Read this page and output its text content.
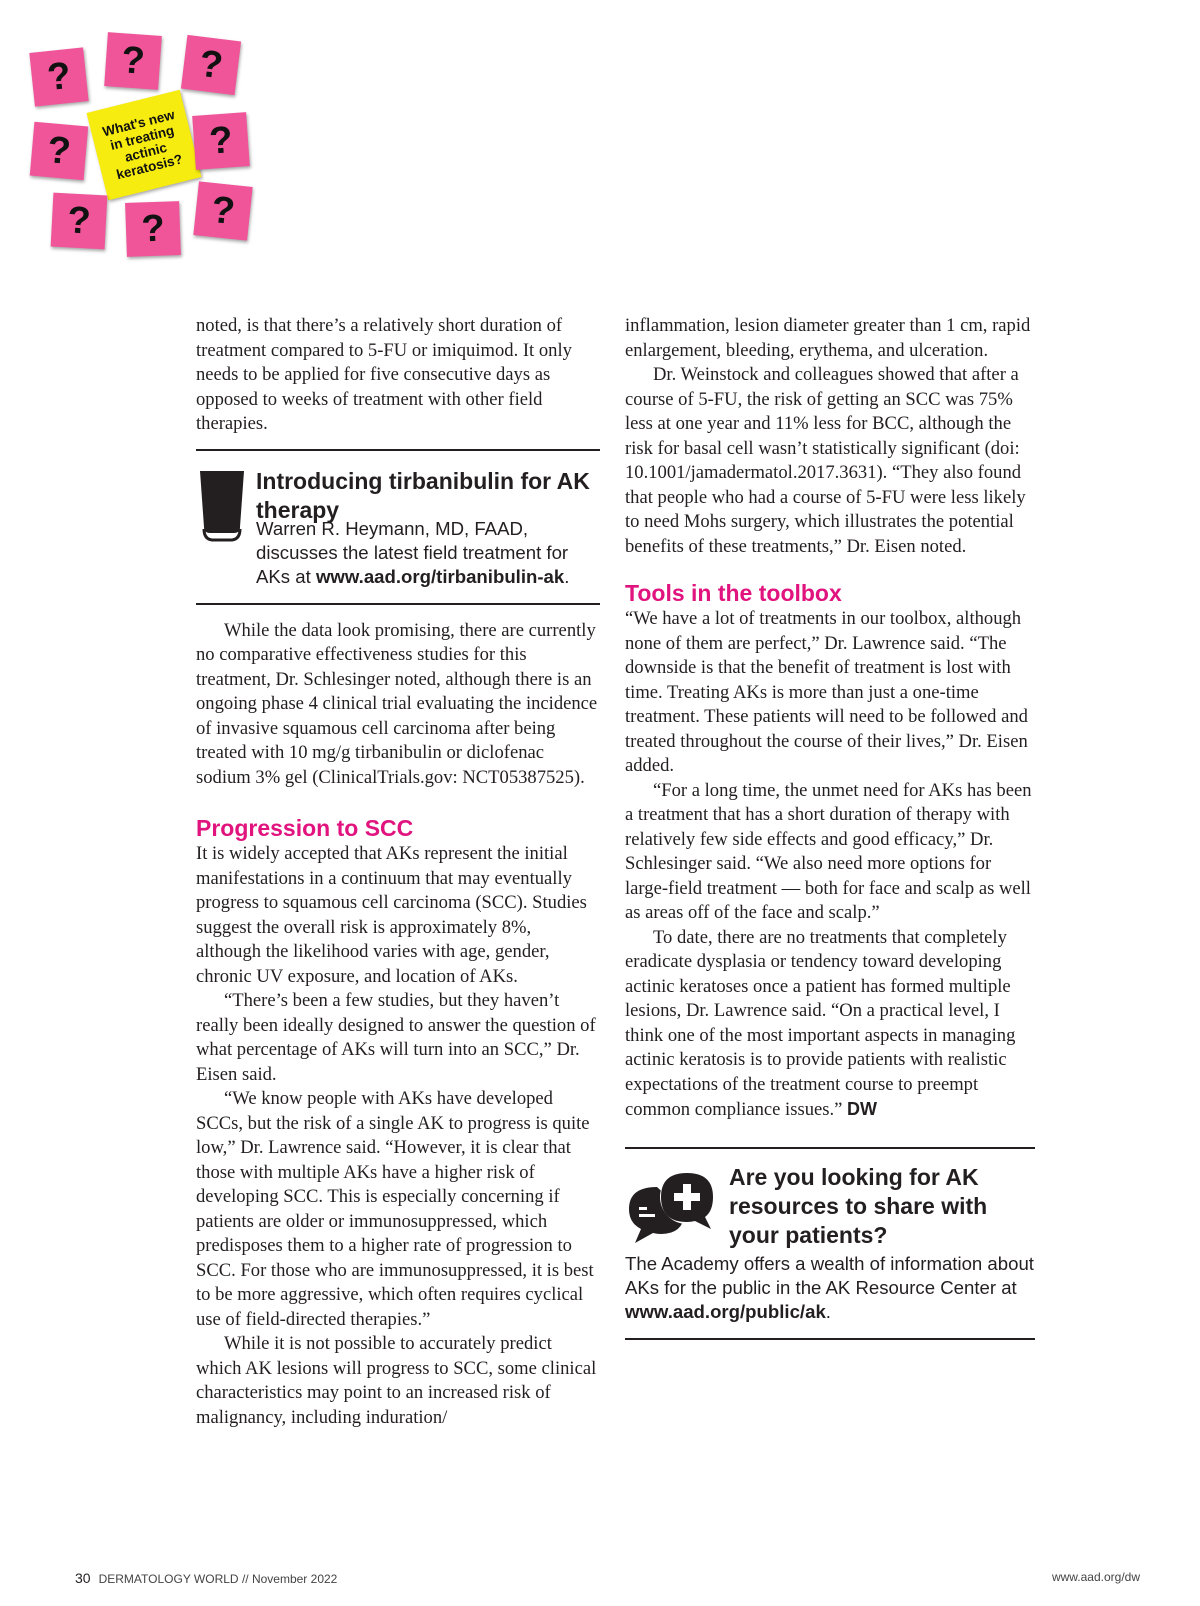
?	?	?
?
What's new in treating actinic keratosis?
?
?	?	?

noted, is that there’s a relatively short duration of treatment compared to 5-FU or imiquimod. It only needs to be applied for five consecutive days as opposed to weeks of treatment with other field therapies.

Introducing tirbanibulin for AK therapy
Warren R. Heymann, MD, FAAD, discusses the latest field treatment for AKs at www.aad.org/tirbanibulin-ak.

While the data look promising, there are currently no comparative effectiveness studies for this treatment, Dr. Schlesinger noted, although there is an ongoing phase 4 clinical trial evaluating the incidence of invasive squamous cell carcinoma after being treated with 10 mg/g tirbanibulin or diclofenac sodium 3% gel (ClinicalTrials.gov: NCT05387525).

Progression to SCC

It is widely accepted that AKs represent the initial manifestations in a continuum that may eventually progress to squamous cell carcinoma (SCC). Studies suggest the overall risk is approximately 8%, although the likelihood varies with age, gender, chronic UV exposure, and location of AKs.

“There’s been a few studies, but they haven’t really been ideally designed to answer the question of what percentage of AKs will turn into an SCC,” Dr. Eisen said.

“We know people with AKs have developed SCCs, but the risk of a single AK to progress is quite low,” Dr. Lawrence said. “However, it is clear that those with multiple AKs have a higher risk of developing SCC. This is especially concerning if patients are older or immunosuppressed, which predisposes them to a higher rate of progression to SCC. For those who are immunosuppressed, it is best to be more aggressive, which often requires cyclical use of field-directed therapies.”

While it is not possible to accurately predict which AK lesions will progress to SCC, some clinical characteristics may point to an increased risk of malignancy, including induration/

inflammation, lesion diameter greater than 1 cm, rapid enlargement, bleeding, erythema, and ulceration.

Dr. Weinstock and colleagues showed that after a course of 5-FU, the risk of getting an SCC was 75% less at one year and 11% less for BCC, although the risk for basal cell wasn’t statistically significant (doi: 10.1001/jamadermatol.2017.3631). “They also found that people who had a course of 5-FU were less likely to need Mohs surgery, which illustrates the potential benefits of these treatments,” Dr. Eisen noted.

Tools in the toolbox

“We have a lot of treatments in our toolbox, although none of them are perfect,” Dr. Lawrence said. “The downside is that the benefit of treatment is lost with time. Treating AKs is more than just a one-time treatment. These patients will need to be followed and treated throughout the course of their lives,” Dr. Eisen added.

“For a long time, the unmet need for AKs has been a treatment that has a short duration of therapy with relatively few side effects and good efficacy,” Dr. Schlesinger said. “We also need more options for large-field treatment — both for face and scalp as well as areas off of the face and scalp.”

To date, there are no treatments that completely eradicate dysplasia or tendency toward developing actinic keratoses once a patient has formed multiple lesions, Dr. Lawrence said. “On a practical level, I think one of the most important aspects in managing actinic keratosis is to provide patients with realistic expectations of the treatment course to preempt common compliance issues.” DW

Are you looking for AK resources to share with your patients?
The Academy offers a wealth of information about AKs for the public in the AK Resource Center at www.aad.org/public/ak.
30 DERMATOLOGY WORLD // November 2022	www.aad.org/dw
